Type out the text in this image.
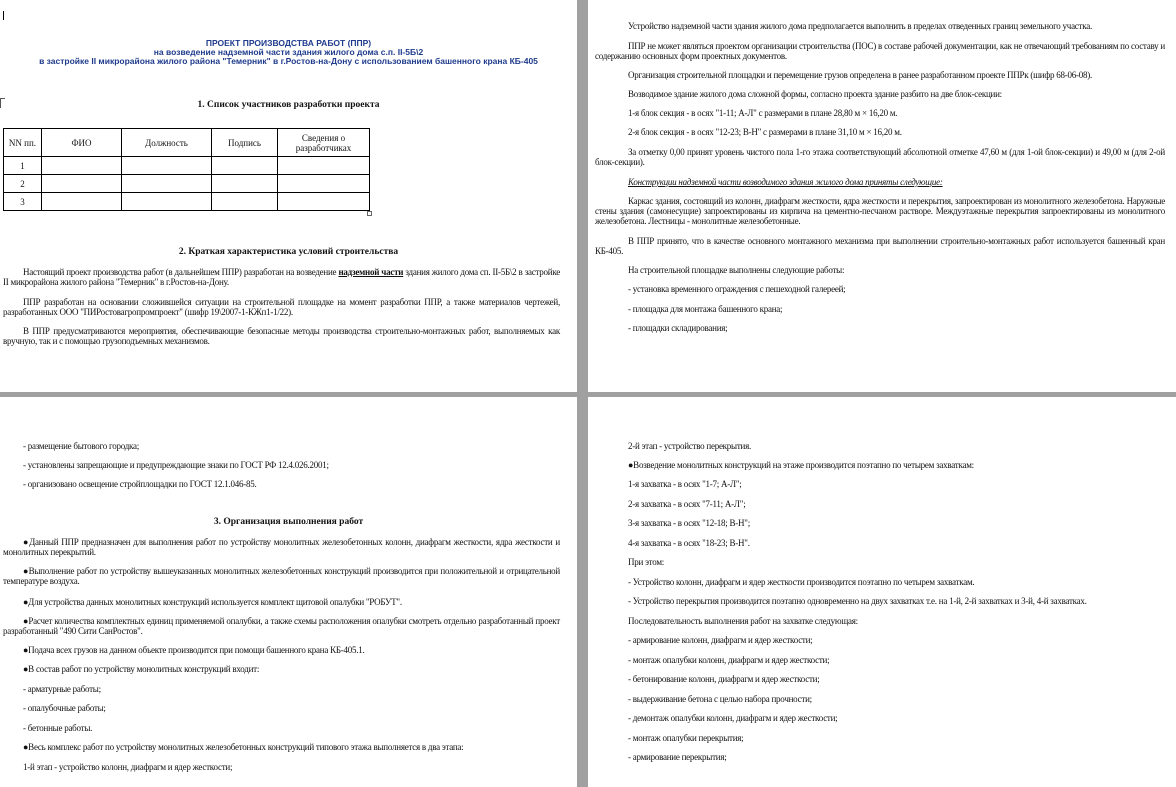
ПРОЕКТ ПРОИЗВОДСТВА РАБОТ (ППР)
на возведение надземной части здания жилого дома с.п. II-5Б\2
в застройке II микрорайона жилого района "Темерник" в г.Ростов-на-Дону с использованием башенного крана КБ-405
1. Список участников разработки проекта
NN пп.	ФИО	Должность	Подпись	Сведения о разработчиках
1				
2				
3				
2. Краткая характеристика условий строительства

Настоящий проект производства работ (в дальнейшем ППР) разработан на возведение надземной части здания жилого дома сп. II-5Б\2 в застройке II микрорайона жилого района "Темерник" в г.Ростов-на-Дону.

ППР разработан на основании сложившейся ситуации на строительной площадке на момент разработки ППР, а также материалов чертежей, разработанных ООО "ПИРостовагропромпроект" (шифр 19\2007-1-КЖп1-1/22).

В ППР предусматриваются мероприятия, обеспечивающие безопасные методы производства строительно-монтажных работ, выполняемых как вручную, так и с помощью грузоподъемных механизмов.

Устройство надземной части здания жилого дома предполагается выполнить в пределах отведенных границ земельного участка.

ППР не может являться проектом организации строительства (ПОС) в составе рабочей документации, как не отвечающий требованиям по составу и содержанию основных форм проектных документов.

Организация строительной площадки и перемещение грузов определена в ранее разработанном проекте ППРк (шифр 68-06-08).

Возводимое здание жилого дома сложной формы, согласно проекта здание разбито на две блок-секции:

1-я блок секция - в осях "1-11; А-Л" с размерами в плане 28,80 м × 16,20 м.

2-я блок секция - в осях "12-23; В-Н" с размерами в плане 31,10 м × 16,20 м.

За отметку 0,00 принят уровень чистого пола 1-го этажа соответствующий абсолютной отметке 47,60 м (для 1-ой блок-секции) и 49,00 м (для 2-ой блок-секции).

Конструкции надземной части возводимого здания жилого дома приняты следующие:

Каркас здания, состоящий из колонн, диафрагм жесткости, ядра жесткости и перекрытия, запроектирован из монолитного железобетона. Наружные стены здания (самонесущие) запроектированы из кирпича на цементно-песчаном растворе. Междуэтажные перекрытия запроектированы из монолитного железобетона. Лестницы - монолитные железобетонные.

В ППР принято, что в качестве основного монтажного механизма при выполнении строительно-монтажных работ используется башенный кран КБ-405.

На строительной площадке выполнены следующие работы:

- установка временного ограждения с пешеходной галереей;

- площадка для монтажа башенного крана;

- площадки складирования;

- размещение бытового городка;

- установлены запрещающие и предупреждающие знаки по ГОСТ РФ 12.4.026.2001;

- организовано освещение стройплощадки по ГОСТ 12.1.046-85.

3. Организация выполнения работ

●Данный ППР предназначен для выполнения работ по устройству монолитных железобетонных колонн, диафрагм жесткости, ядра жесткости и монолитных перекрытий.

●Выполнение работ по устройству вышеуказанных монолитных железобетонных конструкций производится при положительной и отрицательной температуре воздуха.

●Для устройства данных монолитных конструкций используется комплект щитовой опалубки "РОБУТ".

●Расчет количества комплектных единиц применяемой опалубки, а также схемы расположения опалубки смотреть отдельно разработанный проект разработанный "490 Сити СанРостов".

●Подача всех грузов на данном объекте производится при помощи башенного крана КБ-405.1.

●В состав работ по устройству монолитных конструкций входит:

- арматурные работы;

- опалубочные работы;

- бетонные работы.

●Весь комплекс работ по устройству монолитных железобетонных конструкций типового этажа выполняется в два этапа:

1-й этап - устройство колонн, диафрагм и ядер жесткости;

2-й этап - устройство перекрытия.

●Возведение монолитных конструкций на этаже производится поэтапно по четырем захваткам:

1-я захватка - в осях "1-7; А-Л";

2-я захватка - в осях "7-11; А-Л";

3-я захватка - в осях "12-18; В-Н";

4-я захватка - в осях "18-23; В-Н".

При этом:

- Устройство колонн, диафрагм и ядер жесткости производится поэтапно по четырем захваткам.

- Устройство перекрытия производится поэтапно одновременно на двух захватках т.е. на 1-й, 2-й захватках и 3-й, 4-й захватках.

Последовательность выполнения работ на захватке следующая:

- армирование колонн, диафрагм и ядер жесткости;

- монтаж опалубки колонн, диафрагм и ядер жесткости;

- бетонирование колонн, диафрагм и ядер жесткости;

- выдерживание бетона с целью набора прочности;

- демонтаж опалубки колонн, диафрагм и ядер жесткости;

- монтаж опалубки перекрытия;

- армирование перекрытия;
